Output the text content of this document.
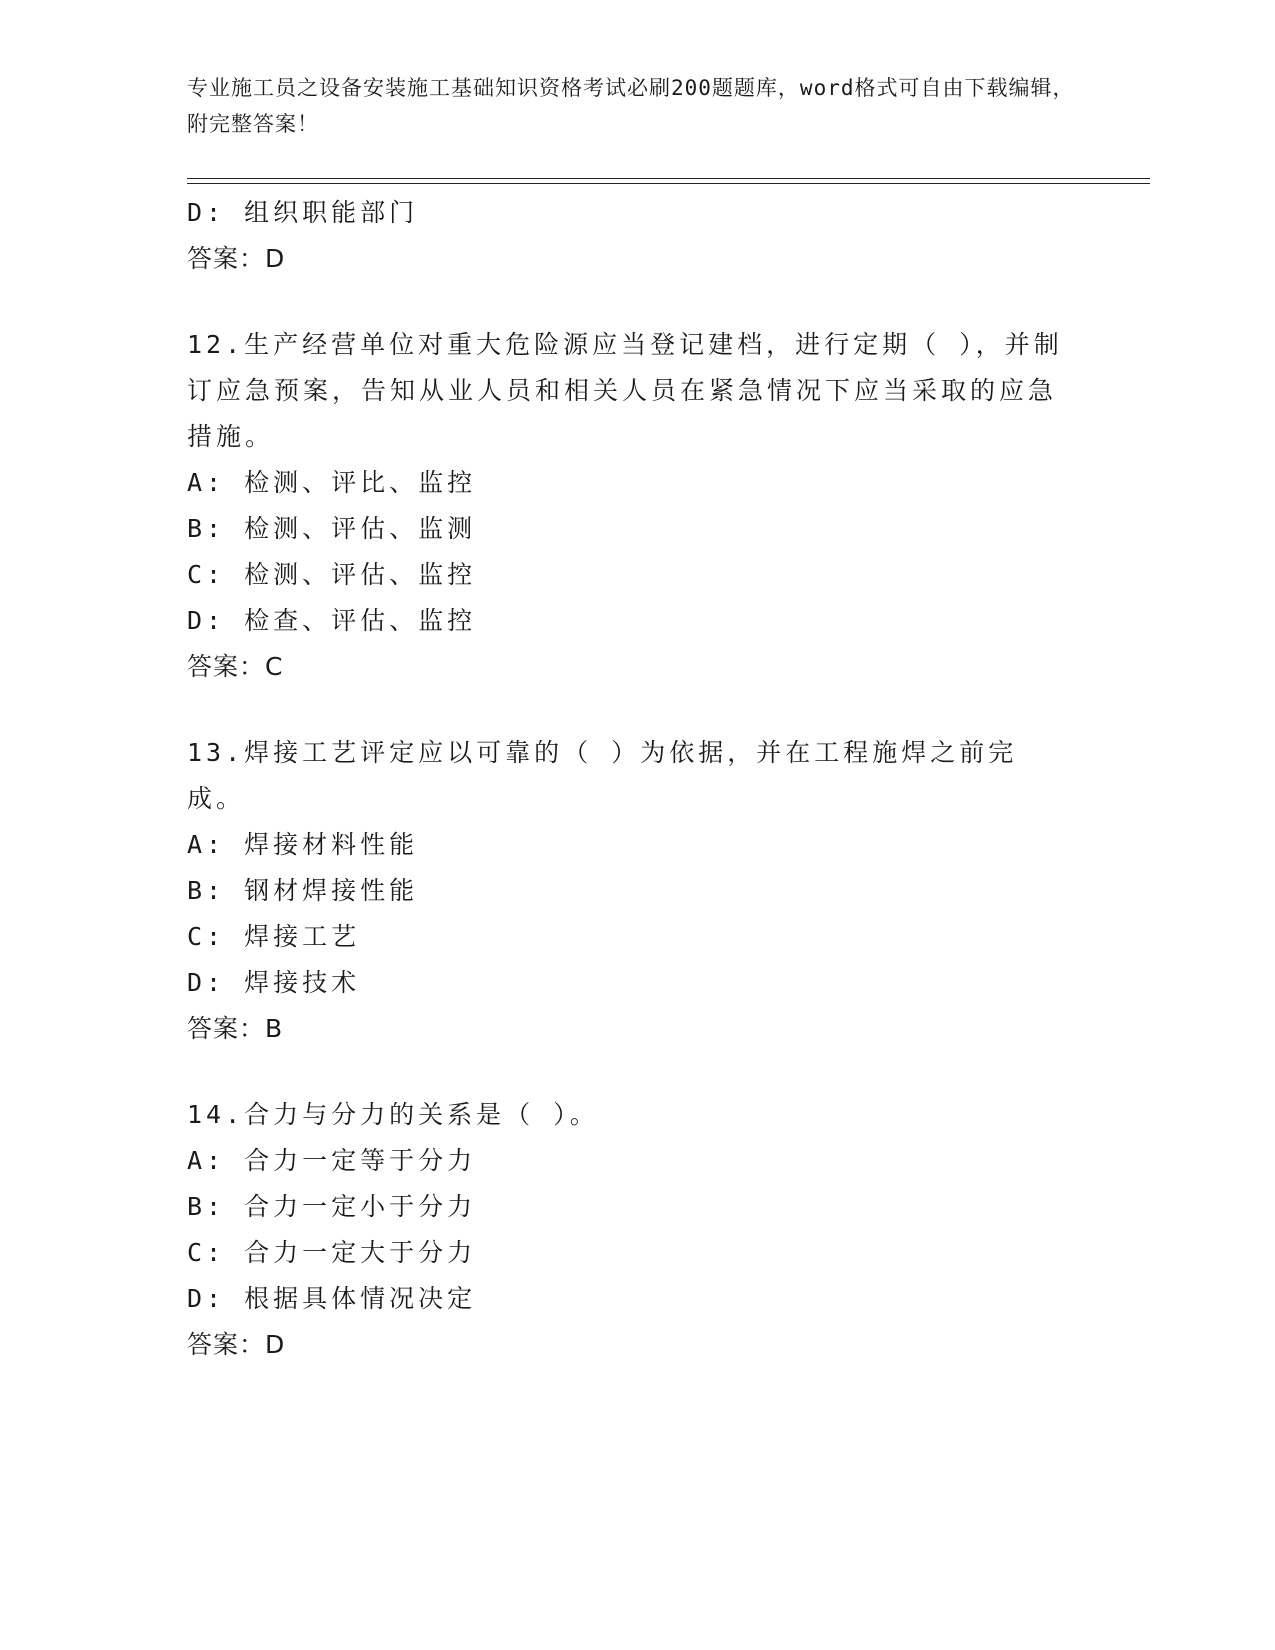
专业施工员之设备安装施工基础知识资格考试必刷200题题库，word格式可自由下载编辑，附完整答案！
D: 组织职能部门
答案：D
12.生产经营单位对重大危险源应当登记建档，进行定期（ ），并制订应急预案，告知从业人员和相关人员在紧急情况下应当采取的应急措施。
A: 检测、评比、监控
B: 检测、评估、监测
C: 检测、评估、监控
D: 检查、评估、监控
答案：C
13.焊接工艺评定应以可靠的（ ）为依据，并在工程施焊之前完成。
A: 焊接材料性能
B: 钢材焊接性能
C: 焊接工艺
D: 焊接技术
答案：B
14.合力与分力的关系是（ ）。
A: 合力一定等于分力
B: 合力一定小于分力
C: 合力一定大于分力
D: 根据具体情况决定
答案：D
